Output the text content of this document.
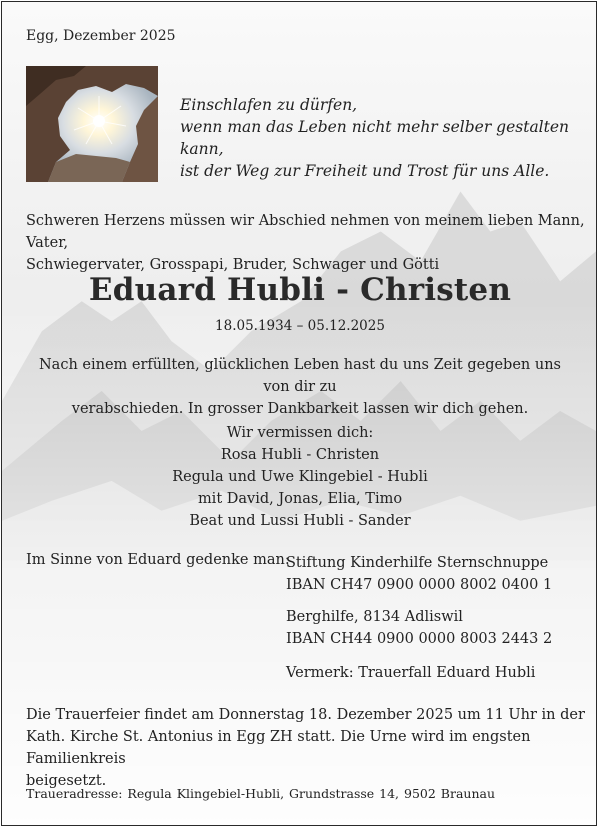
Egg, Dezember 2025
Einschlafen zu dürfen,
wenn man das Leben nicht mehr selber gestalten kann,
ist der Weg zur Freiheit und Trost für uns Alle.
Schweren Herzens müssen wir Abschied nehmen von meinem lieben Mann, Vater,
Schwiegervater, Grosspapi, Bruder, Schwager und Götti
Eduard Hubli - Christen
18.05.1934 – 05.12.2025
Nach einem erfüllten, glücklichen Leben hast du uns Zeit gegeben uns von dir zu
verabschieden. In grosser Dankbarkeit lassen wir dich gehen.
Wir vermissen dich:
Rosa Hubli - Christen
Regula und Uwe Klingebiel - Hubli
mit David, Jonas, Elia, Timo
Beat und Lussi Hubli - Sander
Im Sinne von Eduard gedenke man:
Stiftung Kinderhilfe Sternschnuppe
IBAN CH47 0900 0000 8002 0400 1
Berghilfe, 8134 Adliswil
IBAN CH44 0900 0000 8003 2443 2
Vermerk: Trauerfall Eduard Hubli
Die Trauerfeier findet am Donnerstag 18. Dezember 2025 um 11 Uhr in der
Kath. Kirche St. Antonius in Egg ZH statt. Die Urne wird im engsten Familienkreis
beigesetzt.
Traueradresse: Regula Klingebiel-Hubli, Grundstrasse 14, 9502 Braunau
